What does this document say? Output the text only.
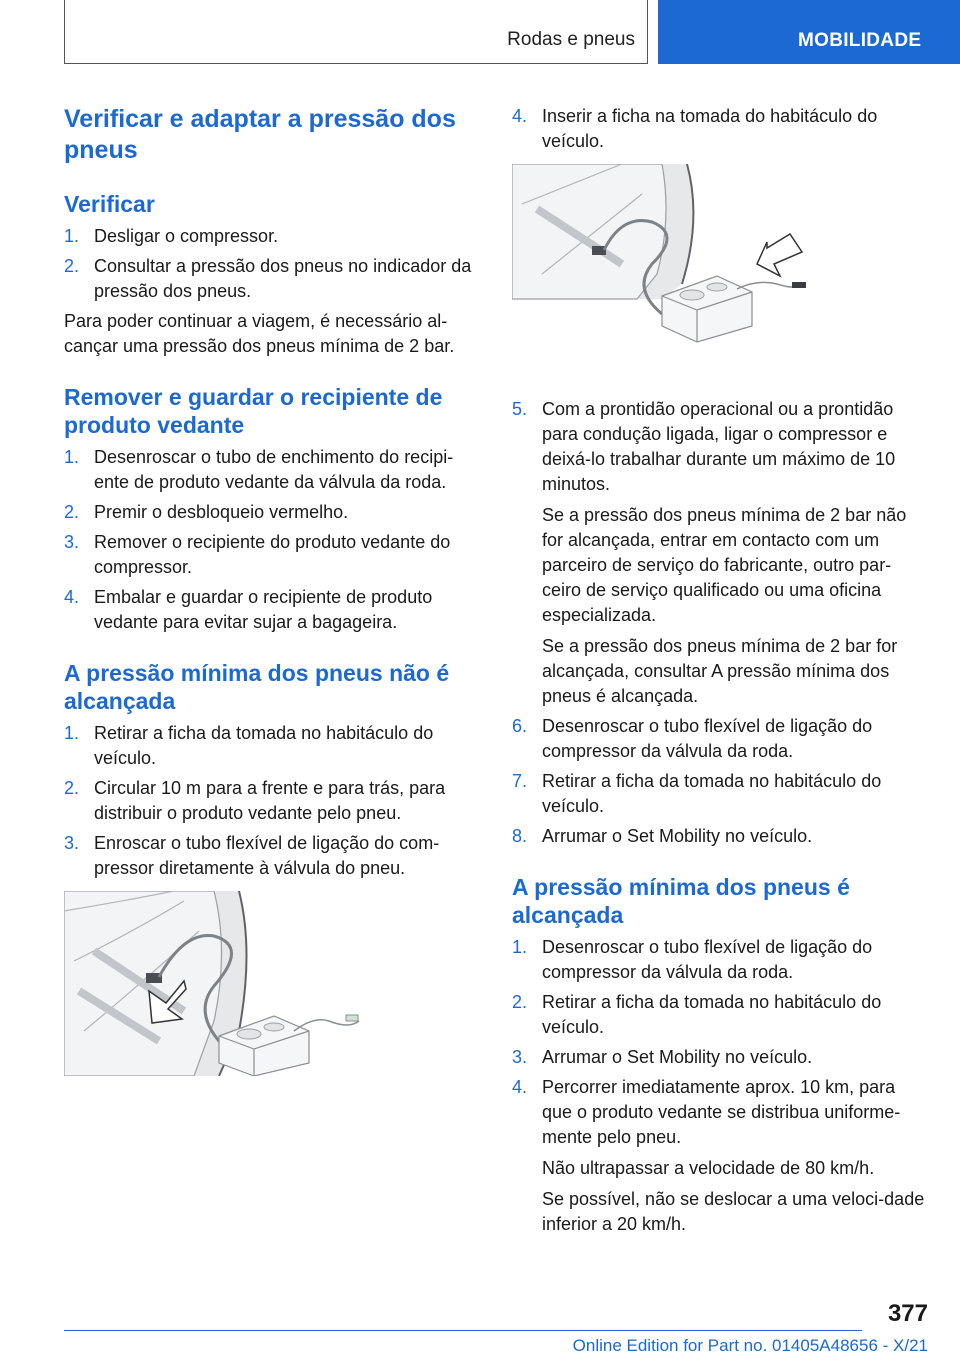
Rodas e pneus	MOBILIDADE
Verificar e adaptar a pressão dos pneus
Verificar
1. Desligar o compressor.
2. Consultar a pressão dos pneus no indicador da pressão dos pneus.

Para poder continuar a viagem, é necessário al-cançar uma pressão dos pneus mínima de 2 bar.

Remover e guardar o recipiente de produto vedante
1. Desenroscar o tubo de enchimento do recipi-ente de produto vedante da válvula da roda.
2. Premir o desbloqueio vermelho.
3. Remover o recipiente do produto vedante do compressor.
4. Embalar e guardar o recipiente de produto vedante para evitar sujar a bagageira.
A pressão mínima dos pneus não é alcançada
1. Retirar a ficha da tomada no habitáculo do veículo.
2. Circular 10 m para a frente e para trás, para distribuir o produto vedante pelo pneu.
3. Enroscar o tubo flexível de ligação do com-pressor diretamente à válvula do pneu.
4. Inserir a ficha na tomada do habitáculo do veículo.
5. Com a prontidão operacional ou a prontidão para condução ligada, ligar o compressor e deixá-lo trabalhar durante um máximo de 10 minutos.
Se a pressão dos pneus mínima de 2 bar não for alcançada, entrar em contacto com um parceiro de serviço do fabricante, outro par-ceiro de serviço qualificado ou uma oficina especializada.
Se a pressão dos pneus mínima de 2 bar for alcançada, consultar A pressão mínima dos pneus é alcançada.
6. Desenroscar o tubo flexível de ligação do compressor da válvula da roda.
7. Retirar a ficha da tomada no habitáculo do veículo.
8. Arrumar o Set Mobility no veículo.
A pressão mínima dos pneus é alcançada
1. Desenroscar o tubo flexível de ligação do compressor da válvula da roda.
2. Retirar a ficha da tomada no habitáculo do veículo.
3. Arrumar o Set Mobility no veículo.
4. Percorrer imediatamente aprox. 10 km, para que o produto vedante se distribua uniforme-mente pelo pneu.
Não ultrapassar a velocidade de 80 km/h.
Se possível, não se deslocar a uma veloci-dade inferior a 20 km/h.
377
Online Edition for Part no. 01405A48656 - X/21
